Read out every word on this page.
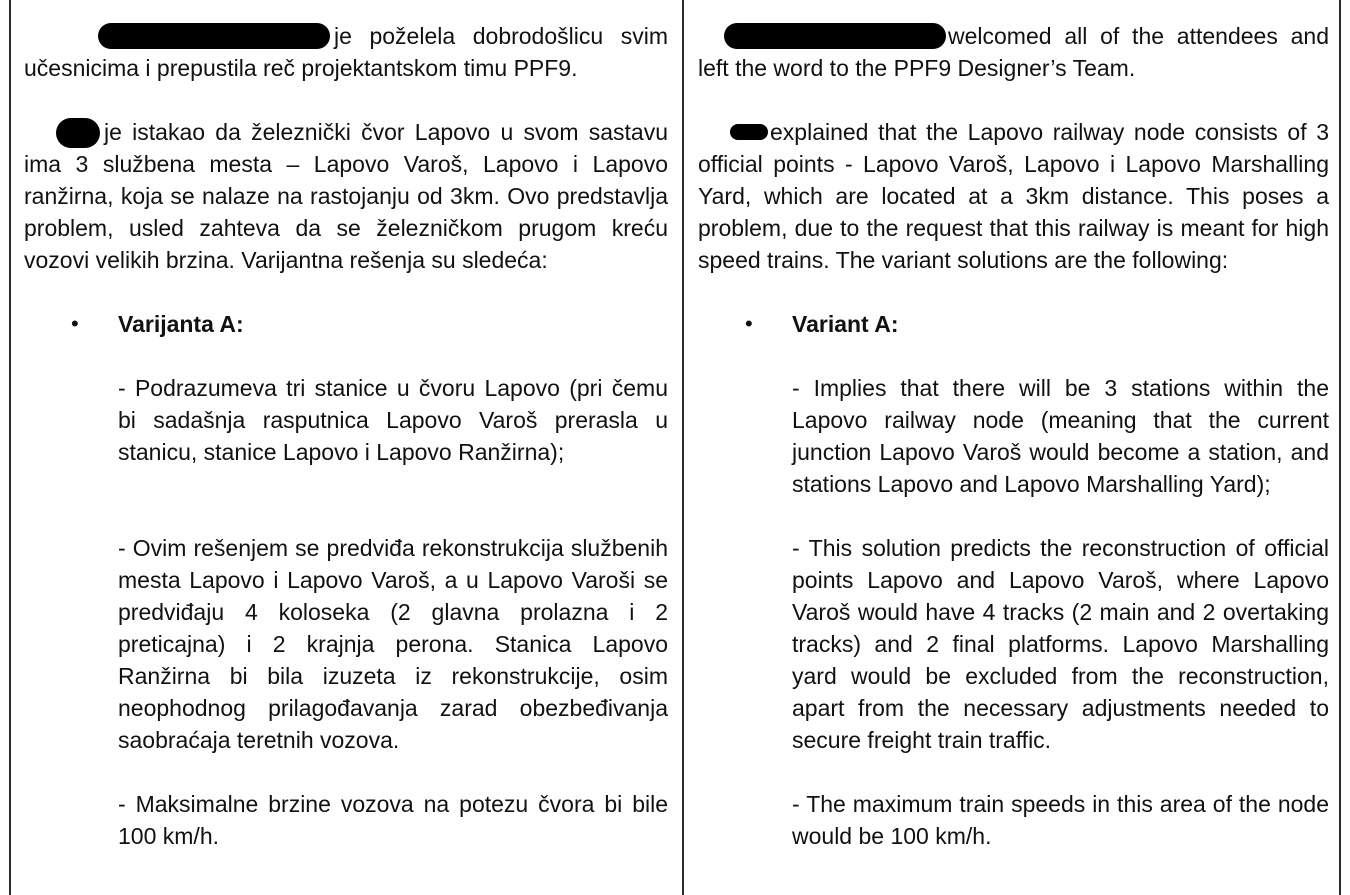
je poželela dobrodošlicu svim učesnicima i prepustila reč projektantskom timu PPF9.

je istakao da železnički čvor Lapovo u svom sastavu ima 3 službena mesta – Lapovo Varoš, Lapovo i Lapovo ranžirna, koja se nalaze na rastojanju od 3km. Ovo predstavlja problem, usled zahteva da se železničkom prugom kreću vozovi velikih brzina. Varijantna rešenja su sledeća:

• Varijanta A:

- Podrazumeva tri stanice u čvoru Lapovo (pri čemu bi sadašnja rasputnica Lapovo Varoš prerasla u stanicu, stanice Lapovo i Lapovo Ranžirna);

- Ovim rešenjem se predviđa rekonstrukcija službenih mesta Lapovo i Lapovo Varoš, a u Lapovo Varoši se predviđaju 4 koloseka (2 glavna prolazna i 2 preticajna) i 2 krajnja perona. Stanica Lapovo Ranžirna bi bila izuzeta iz rekonstrukcije, osim neophodnog prilagođavanja zarad obezbeđivanja saobraćaja teretnih vozova.

- Maksimalne brzine vozova na potezu čvora bi bile 100 km/h.

welcomed all of the attendees and left the word to the PPF9 Designer’s Team.

explained that the Lapovo railway node consists of 3 official points - Lapovo Varoš, Lapovo i Lapovo Marshalling Yard, which are located at a 3km distance. This poses a problem, due to the request that this railway is meant for high speed trains. The variant solutions are the following:

• Variant A:

- Implies that there will be 3 stations within the Lapovo railway node (meaning that the current junction Lapovo Varoš would become a station, and stations Lapovo and Lapovo Marshalling Yard);

- This solution predicts the reconstruction of official points Lapovo and Lapovo Varoš, where Lapovo Varoš would have 4 tracks (2 main and 2 overtaking tracks) and 2 final platforms. Lapovo Marshalling yard would be excluded from the reconstruction, apart from the necessary adjustments needed to secure freight train traffic.

- The maximum train speeds in this area of the node would be 100 km/h.
